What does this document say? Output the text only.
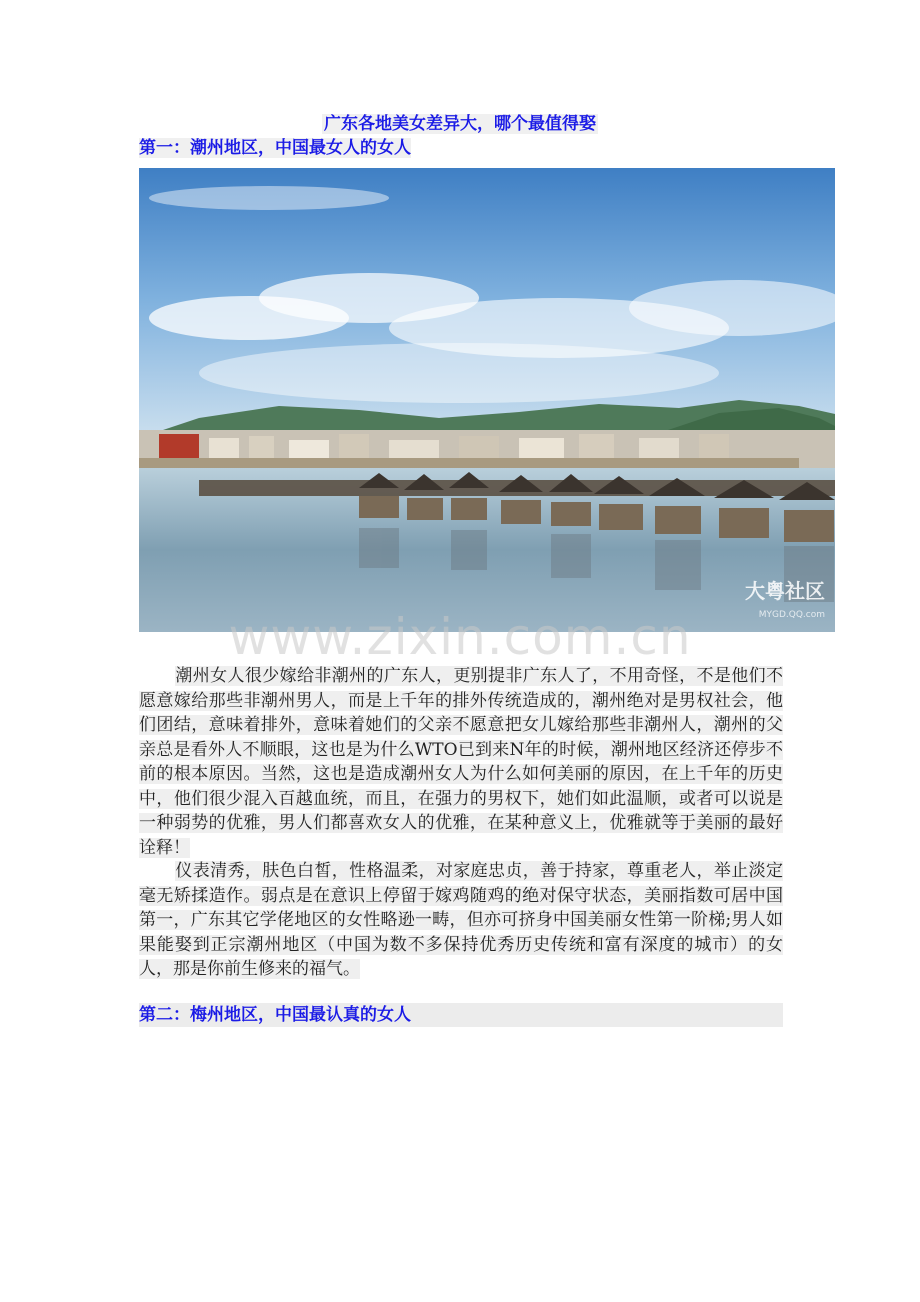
广东各地美女差异大，哪个最值得娶
第一：潮州地区，中国最女人的女人
大粤社区
MYGD.QQ.com
www.zixin.com.cn
潮州女人很少嫁给非潮州的广东人，更别提非广东人了，不用奇怪，不是他们不愿意嫁给那些非潮州男人，而是上千年的排外传统造成的，潮州绝对是男权社会，他们团结，意味着排外，意味着她们的父亲不愿意把女儿嫁给那些非潮州人，潮州的父亲总是看外人不顺眼，这也是为什么WTO已到来N年的时候，潮州地区经济还停步不前的根本原因。当然，这也是造成潮州女人为什么如何美丽的原因，在上千年的历史中，他们很少混入百越血统，而且，在强力的男权下，她们如此温顺，或者可以说是一种弱势的优雅，男人们都喜欢女人的优雅，在某种意义上，优雅就等于美丽的最好诠释！
仪表清秀，肤色白皙，性格温柔，对家庭忠贞，善于持家，尊重老人，举止淡定毫无矫揉造作。弱点是在意识上停留于嫁鸡随鸡的绝对保守状态，美丽指数可居中国第一，广东其它学佬地区的女性略逊一畴，但亦可挤身中国美丽女性第一阶梯;男人如果能娶到正宗潮州地区（中国为数不多保持优秀历史传统和富有深度的城市）的女人，那是你前生修来的福气。
第二：梅州地区，中国最认真的女人
